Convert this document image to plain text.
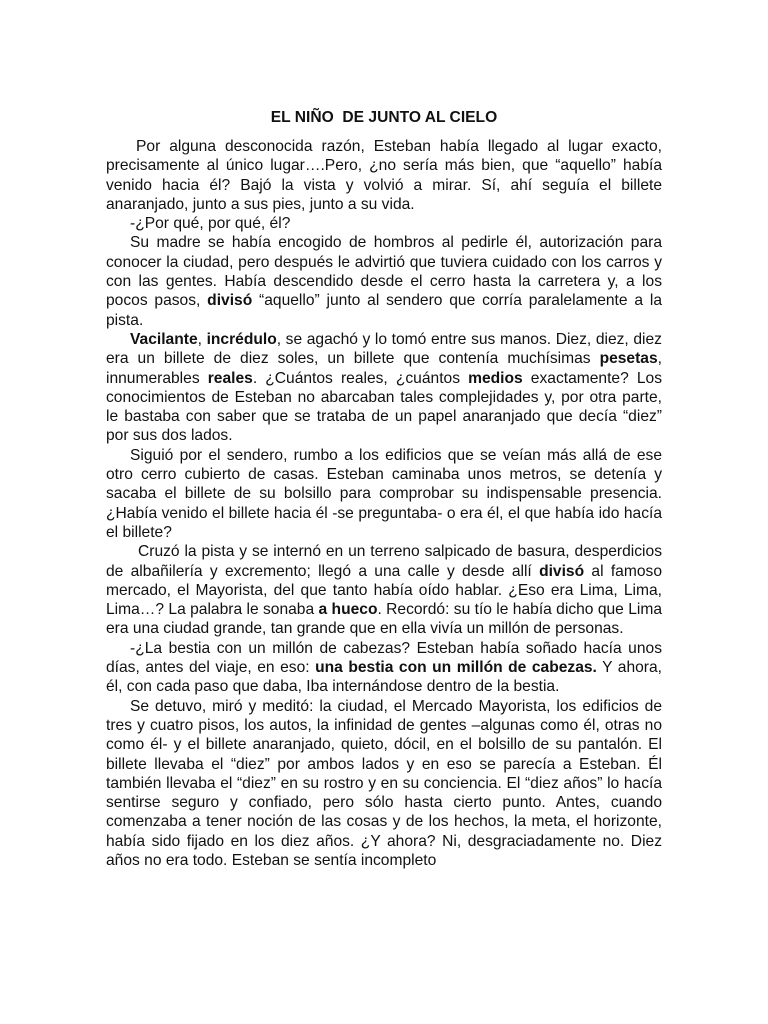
EL NIÑO  DE JUNTO AL CIELO

Por alguna desconocida razón, Esteban había llegado al lugar exacto, precisamente al único lugar….Pero, ¿no sería más bien, que “aquello” había venido hacia él? Bajó la vista y volvió a mirar. Sí, ahí seguía el billete anaranjado, junto a sus pies, junto a su vida.

-¿Por qué, por qué, él?

Su madre se había encogido de hombros al pedirle él, autorización para conocer la ciudad, pero después le advirtió que tuviera cuidado con los carros y con las gentes. Había descendido desde el cerro hasta la carretera y, a los pocos pasos, divisó “aquello” junto al sendero que corría paralelamente a la pista.

Vacilante, incrédulo, se agachó y lo tomó entre sus manos. Diez, diez, diez era un billete de diez soles, un billete que contenía muchísimas pesetas, innumerables reales. ¿Cuántos reales, ¿cuántos medios exactamente? Los conocimientos de Esteban no abarcaban tales complejidades y, por otra parte, le bastaba con saber que se trataba de un papel anaranjado que decía “diez” por sus dos lados.

Siguió por el sendero, rumbo a los edificios que se veían más allá de ese otro cerro cubierto de casas. Esteban caminaba unos metros, se detenía y sacaba el billete de su bolsillo para comprobar su indispensable presencia. ¿Había venido el billete hacia él -se preguntaba- o era él, el que había ido hacía el billete?

Cruzó la pista y se internó en un terreno salpicado de basura, desperdicios de albañilería y excremento; llegó a una calle y desde allí divisó al famoso mercado, el Mayorista, del que tanto había oído hablar. ¿Eso era Lima, Lima, Lima…? La palabra le sonaba a hueco. Recordó: su tío le había dicho que Lima era una ciudad grande, tan grande que en ella vivía un millón de personas.

-¿La bestia con un millón de cabezas? Esteban había soñado hacía unos días, antes del viaje, en eso: una bestia con un millón de cabezas. Y ahora, él, con cada paso que daba, Iba internándose dentro de la bestia.

Se detuvo, miró y meditó: la ciudad, el Mercado Mayorista, los edificios de tres y cuatro pisos, los autos, la infinidad de gentes –algunas como él, otras no como él- y el billete anaranjado, quieto, dócil, en el bolsillo de su pantalón. El billete llevaba el “diez” por ambos lados y en eso se parecía a Esteban. Él también llevaba el “diez” en su rostro y en su conciencia. El “diez años” lo hacía sentirse seguro y confiado, pero sólo hasta cierto punto. Antes, cuando comenzaba a tener noción de las cosas y de los hechos, la meta, el horizonte, había sido fijado en los diez años. ¿Y ahora? Ni, desgraciadamente no. Diez años no era todo. Esteban se sentía incompleto
